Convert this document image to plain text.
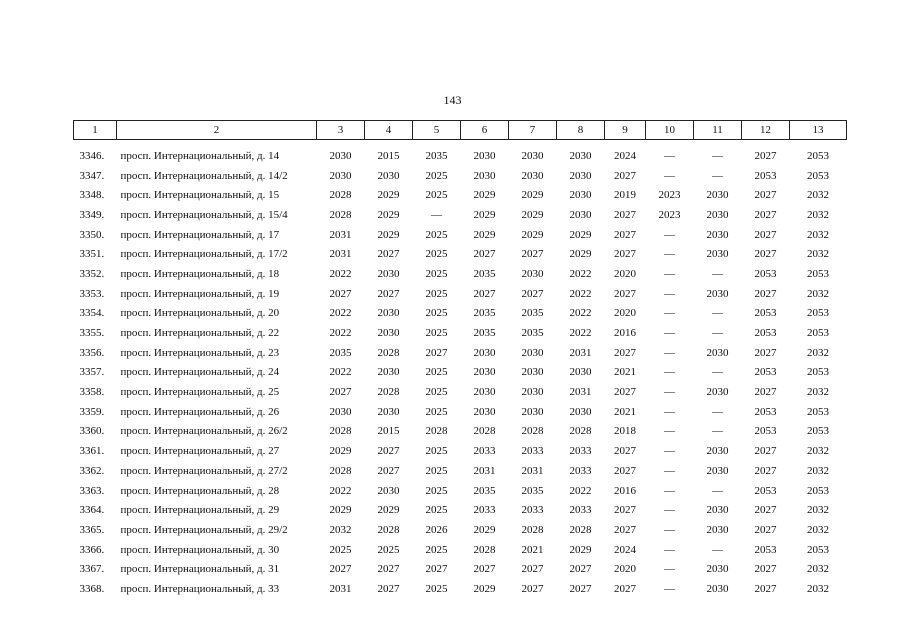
143
1	2	3	4	5	6	7	8	9	10	11	12	13
3346.	просп. Интернациональный, д. 14	2030	2015	2035	2030	2030	2030	2024	—	—	2027	2053
3347.	просп. Интернациональный, д. 14/2	2030	2030	2025	2030	2030	2030	2027	—	—	2053	2053
3348.	просп. Интернациональный, д. 15	2028	2029	2025	2029	2029	2030	2019	2023	2030	2027	2032
3349.	просп. Интернациональный, д. 15/4	2028	2029	—	2029	2029	2030	2027	2023	2030	2027	2032
3350.	просп. Интернациональный, д. 17	2031	2029	2025	2029	2029	2029	2027	—	2030	2027	2032
3351.	просп. Интернациональный, д. 17/2	2031	2027	2025	2027	2027	2029	2027	—	2030	2027	2032
3352.	просп. Интернациональный, д. 18	2022	2030	2025	2035	2030	2022	2020	—	—	2053	2053
3353.	просп. Интернациональный, д. 19	2027	2027	2025	2027	2027	2022	2027	—	2030	2027	2032
3354.	просп. Интернациональный, д. 20	2022	2030	2025	2035	2035	2022	2020	—	—	2053	2053
3355.	просп. Интернациональный, д. 22	2022	2030	2025	2035	2035	2022	2016	—	—	2053	2053
3356.	просп. Интернациональный, д. 23	2035	2028	2027	2030	2030	2031	2027	—	2030	2027	2032
3357.	просп. Интернациональный, д. 24	2022	2030	2025	2030	2030	2030	2021	—	—	2053	2053
3358.	просп. Интернациональный, д. 25	2027	2028	2025	2030	2030	2031	2027	—	2030	2027	2032
3359.	просп. Интернациональный, д. 26	2030	2030	2025	2030	2030	2030	2021	—	—	2053	2053
3360.	просп. Интернациональный, д. 26/2	2028	2015	2028	2028	2028	2028	2018	—	—	2053	2053
3361.	просп. Интернациональный, д. 27	2029	2027	2025	2033	2033	2033	2027	—	2030	2027	2032
3362.	просп. Интернациональный, д. 27/2	2028	2027	2025	2031	2031	2033	2027	—	2030	2027	2032
3363.	просп. Интернациональный, д. 28	2022	2030	2025	2035	2035	2022	2016	—	—	2053	2053
3364.	просп. Интернациональный, д. 29	2029	2029	2025	2033	2033	2033	2027	—	2030	2027	2032
3365.	просп. Интернациональный, д. 29/2	2032	2028	2026	2029	2028	2028	2027	—	2030	2027	2032
3366.	просп. Интернациональный, д. 30	2025	2025	2025	2028	2021	2029	2024	—	—	2053	2053
3367.	просп. Интернациональный, д. 31	2027	2027	2027	2027	2027	2027	2020	—	2030	2027	2032
3368.	просп. Интернациональный, д. 33	2031	2027	2025	2029	2027	2027	2027	—	2030	2027	2032
